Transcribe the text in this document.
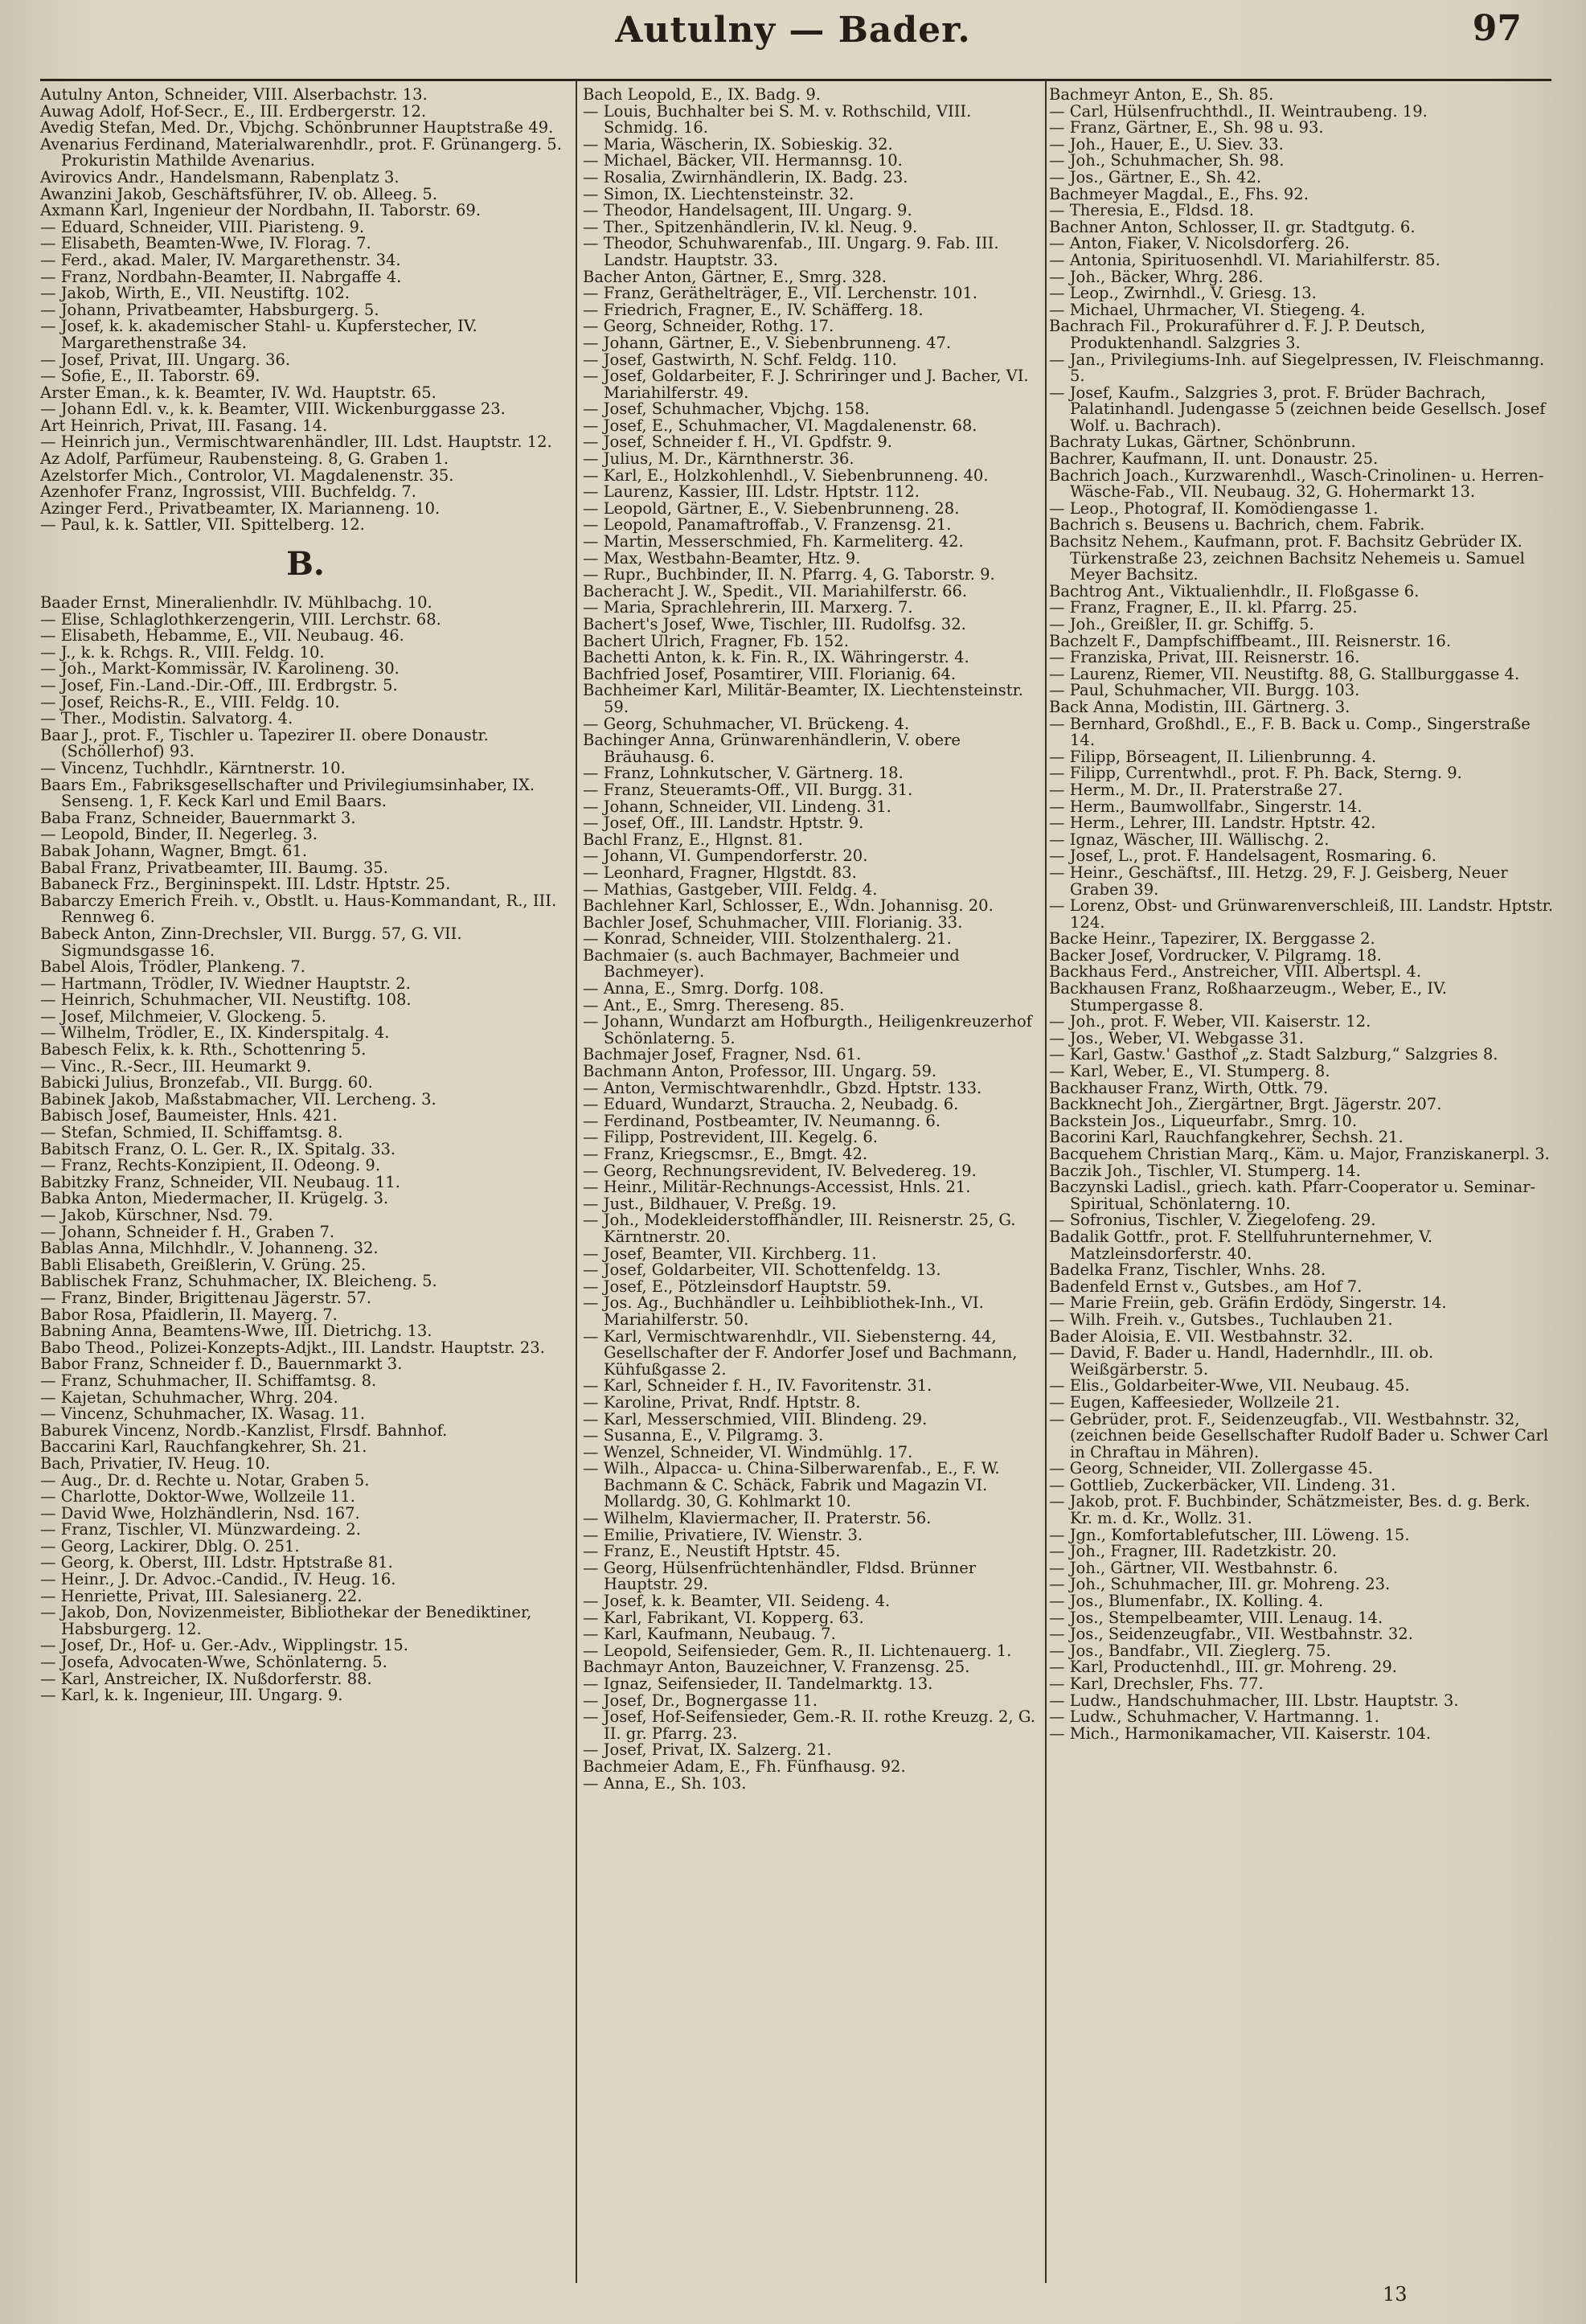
Autulny — Bader.	97
Autulny Anton, Schneider, VIII. Alserbachstr. 13.
Auwag Adolf, Hof-Secr., E., III. Erdbergerstr. 12.
Avedig Stefan, Med. Dr., Vbjchg. Schönbrunner Hauptstraße 49.
Avenarius Ferdinand, Materialwarenhdlr., prot. F. Grünangerg. 5. Prokuristin Mathilde Avenarius.
Avirovics Andr., Handelsmann, Rabenplatz 3.
Awanzini Jakob, Geschäftsführer, IV. ob. Alleeg. 5.
Axmann Karl, Ingenieur der Nordbahn, II. Taborstr. 69.
— Eduard, Schneider, VIII. Piaristeng. 9.
— Elisabeth, Beamten-Wwe, IV. Florag. 7.
— Ferd., akad. Maler, IV. Margarethenstr. 34.
— Franz, Nordbahn-Beamter, II. Nabrgaffe 4.
— Jakob, Wirth, E., VII. Neustiftg. 102.
— Johann, Privatbeamter, Habsburgerg. 5.
— Josef, k. k. akademischer Stahl- u. Kupferstecher, IV. Margarethenstraße 34.
— Josef, Privat, III. Ungarg. 36.
— Sofie, E., II. Taborstr. 69.
Arster Eman., k. k. Beamter, IV. Wd. Hauptstr. 65.
— Johann Edl. v., k. k. Beamter, VIII. Wickenburggasse 23.
Art Heinrich, Privat, III. Fasang. 14.
— Heinrich jun., Vermischtwarenhändler, III. Ldst. Hauptstr. 12.
Az Adolf, Parfümeur, Raubensteing. 8, G. Graben 1.
Azelstorfer Mich., Controlor, VI. Magdalenenstr. 35.
Azenhofer Franz, Ingrossist, VIII. Buchfeldg. 7.
Azinger Ferd., Privatbeamter, IX. Marianneng. 10.
— Paul, k. k. Sattler, VII. Spittelberg. 12.
B.
Baader Ernst, Mineralienhdlr. IV. Mühlbachg. 10.
— Elise, Schlaglothkerzengerin, VIII. Lerchstr. 68.
— Elisabeth, Hebamme, E., VII. Neubaug. 46.
— J., k. k. Rchgs. R., VIII. Feldg. 10.
— Joh., Markt-Kommissär, IV. Karolineng. 30.
— Josef, Fin.-Land.-Dir.-Off., III. Erdbrgstr. 5.
— Josef, Reichs-R., E., VIII. Feldg. 10.
— Ther., Modistin. Salvatorg. 4.
Baar J., prot. F., Tischler u. Tapezirer II. obere Donaustr. (Schöllerhof) 93.
— Vincenz, Tuchhdlr., Kärntnerstr. 10.
Baars Em., Fabriksgesellschafter und Privilegiumsinhaber, IX. Senseng. 1, F. Keck Karl und Emil Baars.
Baba Franz, Schneider, Bauernmarkt 3.
— Leopold, Binder, II. Negerleg. 3.
Babak Johann, Wagner, Bmgt. 61.
Babal Franz, Privatbeamter, III. Baumg. 35.
Babaneck Frz., Bergininspekt. III. Ldstr. Hptstr. 25.
Babarczy Emerich Freih. v., Obstlt. u. Haus-Kommandant, R., III. Rennweg 6.
Babeck Anton, Zinn-Drechsler, VII. Burgg. 57, G. VII. Sigmundsgasse 16.
Babel Alois, Trödler, Plankeng. 7.
— Hartmann, Trödler, IV. Wiedner Hauptstr. 2.
— Heinrich, Schuhmacher, VII. Neustiftg. 108.
— Josef, Milchmeier, V. Glockeng. 5.
— Wilhelm, Trödler, E., IX. Kinderspitalg. 4.
Babesch Felix, k. k. Rth., Schottenring 5.
— Vinc., R.-Secr., III. Heumarkt 9.
Babicki Julius, Bronzefab., VII. Burgg. 60.
Babinek Jakob, Maßstabmacher, VII. Lercheng. 3.
Babisch Josef, Baumeister, Hnls. 421.
— Stefan, Schmied, II. Schiffamtsg. 8.
Babitsch Franz, O. L. Ger. R., IX. Spitalg. 33.
— Franz, Rechts-Konzipient, II. Odeong. 9.
Babitzky Franz, Schneider, VII. Neubaug. 11.
Babka Anton, Miedermacher, II. Krügelg. 3.
— Jakob, Kürschner, Nsd. 79.
— Johann, Schneider f. H., Graben 7.
Bablas Anna, Milchhdlr., V. Johanneng. 32.
Babli Elisabeth, Greißlerin, V. Grüng. 25.
Bablischek Franz, Schuhmacher, IX. Bleicheng. 5.
— Franz, Binder, Brigittenau Jägerstr. 57.
Babor Rosa, Pfaidlerin, II. Mayerg. 7.
Babning Anna, Beamtens-Wwe, III. Dietrichg. 13.
Babo Theod., Polizei-Konzepts-Adjkt., III. Landstr. Hauptstr. 23.
Babor Franz, Schneider f. D., Bauernmarkt 3.
— Franz, Schuhmacher, II. Schiffamtsg. 8.
— Kajetan, Schuhmacher, Whrg. 204.
— Vincenz, Schuhmacher, IX. Wasag. 11.
Baburek Vincenz, Nordb.-Kanzlist, Flrsdf. Bahnhof.
Baccarini Karl, Rauchfangkehrer, Sh. 21.
Bach, Privatier, IV. Heug. 10.
— Aug., Dr. d. Rechte u. Notar, Graben 5.
— Charlotte, Doktor-Wwe, Wollzeile 11.
— David Wwe, Holzhändlerin, Nsd. 167.
— Franz, Tischler, VI. Münzwardeing. 2.
— Georg, Lackirer, Dblg. O. 251.
— Georg, k. Oberst, III. Ldstr. Hptstraße 81.
— Heinr., J. Dr. Advoc.-Candid., IV. Heug. 16.
— Henriette, Privat, III. Salesianerg. 22.
— Jakob, Don, Novizenmeister, Bibliothekar der Benediktiner, Habsburgerg. 12.
— Josef, Dr., Hof- u. Ger.-Adv., Wipplingstr. 15.
— Josefa, Advocaten-Wwe, Schönlaterng. 5.
— Karl, Anstreicher, IX. Nußdorferstr. 88.
— Karl, k. k. Ingenieur, III. Ungarg. 9.
Bach Leopold, E., IX. Badg. 9.
— Louis, Buchhalter bei S. M. v. Rothschild, VIII. Schmidg. 16.
— Maria, Wäscherin, IX. Sobieskig. 32.
— Michael, Bäcker, VII. Hermannsg. 10.
— Rosalia, Zwirnhändlerin, IX. Badg. 23.
— Simon, IX. Liechtensteinstr. 32.
— Theodor, Handelsagent, III. Ungarg. 9.
— Ther., Spitzenhändlerin, IV. kl. Neug. 9.
— Theodor, Schuhwarenfab., III. Ungarg. 9. Fab. III. Landstr. Hauptstr. 33.
Bacher Anton, Gärtner, E., Smrg. 328.
— Franz, Geräthelträger, E., VII. Lerchenstr. 101.
— Friedrich, Fragner, E., IV. Schäfferg. 18.
— Georg, Schneider, Rothg. 17.
— Johann, Gärtner, E., V. Siebenbrunneng. 47.
— Josef, Gastwirth, N. Schf. Feldg. 110.
— Josef, Goldarbeiter, F. J. Schriringer und J. Bacher, VI. Mariahilferstr. 49.
— Josef, Schuhmacher, Vbjchg. 158.
— Josef, E., Schuhmacher, VI. Magdalenenstr. 68.
— Josef, Schneider f. H., VI. Gpdfstr. 9.
— Julius, M. Dr., Kärnthnerstr. 36.
— Karl, E., Holzkohlenhdl., V. Siebenbrunneng. 40.
— Laurenz, Kassier, III. Ldstr. Hptstr. 112.
— Leopold, Gärtner, E., V. Siebenbrunneng. 28.
— Leopold, Panamaftroffab., V. Franzensg. 21.
— Martin, Messerschmied, Fh. Karmeliterg. 42.
— Max, Westbahn-Beamter, Htz. 9.
— Rupr., Buchbinder, II. N. Pfarrg. 4, G. Taborstr. 9.
Bacheracht J. W., Spedit., VII. Mariahilferstr. 66.
— Maria, Sprachlehrerin, III. Marxerg. 7.
Bachert's Josef, Wwe, Tischler, III. Rudolfsg. 32.
Bachert Ulrich, Fragner, Fb. 152.
Bachetti Anton, k. k. Fin. R., IX. Währingerstr. 4.
Bachfried Josef, Posamtirer, VIII. Florianig. 64.
Bachheimer Karl, Militär-Beamter, IX. Liechtensteinstr. 59.
— Georg, Schuhmacher, VI. Brückeng. 4.
Bachinger Anna, Grünwarenhändlerin, V. obere Bräuhausg. 6.
— Franz, Lohnkutscher, V. Gärtnerg. 18.
— Franz, Steueramts-Off., VII. Burgg. 31.
— Johann, Schneider, VII. Lindeng. 31.
— Josef, Off., III. Landstr. Hptstr. 9.
Bachl Franz, E., Hlgnst. 81.
— Johann, VI. Gumpendorferstr. 20.
— Leonhard, Fragner, Hlgstdt. 83.
— Mathias, Gastgeber, VIII. Feldg. 4.
Bachlehner Karl, Schlosser, E., Wdn. Johannisg. 20.
Bachler Josef, Schuhmacher, VIII. Florianig. 33.
— Konrad, Schneider, VIII. Stolzenthalerg. 21.
Bachmaier (s. auch Bachmayer, Bachmeier und Bachmeyer).
— Anna, E., Smrg. Dorfg. 108.
— Ant., E., Smrg. Thereseng. 85.
— Johann, Wundarzt am Hofburgth., Heiligenkreuzerhof Schönlaterng. 5.
Bachmajer Josef, Fragner, Nsd. 61.
Bachmann Anton, Professor, III. Ungarg. 59.
— Anton, Vermischtwarenhdlr., Gbzd. Hptstr. 133.
— Eduard, Wundarzt, Straucha. 2, Neubadg. 6.
— Ferdinand, Postbeamter, IV. Neumanng. 6.
— Filipp, Postrevident, III. Kegelg. 6.
— Franz, Kriegscmsr., E., Bmgt. 42.
— Georg, Rechnungsrevident, IV. Belvedereg. 19.
— Heinr., Militär-Rechnungs-Accessist, Hnls. 21.
— Just., Bildhauer, V. Preßg. 19.
— Joh., Modekleiderstoffhändler, III. Reisnerstr. 25, G. Kärntnerstr. 20.
— Josef, Beamter, VII. Kirchberg. 11.
— Josef, Goldarbeiter, VII. Schottenfeldg. 13.
— Josef, E., Pötzleinsdorf Hauptstr. 59.
— Jos. Ag., Buchhändler u. Leihbibliothek-Inh., VI. Mariahilferstr. 50.
— Karl, Vermischtwarenhdlr., VII. Siebensterng. 44, Gesellschafter der F. Andorfer Josef und Bachmann, Kühfußgasse 2.
— Karl, Schneider f. H., IV. Favoritenstr. 31.
— Karoline, Privat, Rndf. Hptstr. 8.
— Karl, Messerschmied, VIII. Blindeng. 29.
— Susanna, E., V. Pilgramg. 3.
— Wenzel, Schneider, VI. Windmühlg. 17.
— Wilh., Alpacca- u. China-Silberwarenfab., E., F. W. Bachmann & C. Schäck, Fabrik und Magazin VI. Mollardg. 30, G. Kohlmarkt 10.
— Wilhelm, Klaviermacher, II. Praterstr. 56.
— Emilie, Privatiere, IV. Wienstr. 3.
— Franz, E., Neustift Hptstr. 45.
— Georg, Hülsenfrüchtenhändler, Fldsd. Brünner Hauptstr. 29.
— Josef, k. k. Beamter, VII. Seideng. 4.
— Karl, Fabrikant, VI. Kopperg. 63.
— Karl, Kaufmann, Neubaug. 7.
— Leopold, Seifensieder, Gem. R., II. Lichtenauerg. 1.
Bachmayr Anton, Bauzeichner, V. Franzensg. 25.
— Ignaz, Seifensieder, II. Tandelmarktg. 13.
— Josef, Dr., Bognergasse 11.
— Josef, Hof-Seifensieder, Gem.-R. II. rothe Kreuzg. 2, G. II. gr. Pfarrg. 23.
— Josef, Privat, IX. Salzerg. 21.
Bachmeier Adam, E., Fh. Fünfhausg. 92.
— Anna, E., Sh. 103.
Bachmeyr Anton, E., Sh. 85.
— Carl, Hülsenfruchthdl., II. Weintraubeng. 19.
— Franz, Gärtner, E., Sh. 98 u. 93.
— Joh., Hauer, E., U. Siev. 33.
— Joh., Schuhmacher, Sh. 98.
— Jos., Gärtner, E., Sh. 42.
Bachmeyer Magdal., E., Fhs. 92.
— Theresia, E., Fldsd. 18.
Bachner Anton, Schlosser, II. gr. Stadtgutg. 6.
— Anton, Fiaker, V. Nicolsdorferg. 26.
— Antonia, Spirituosenhdl. VI. Mariahilferstr. 85.
— Joh., Bäcker, Whrg. 286.
— Leop., Zwirnhdl., V. Griesg. 13.
— Michael, Uhrmacher, VI. Stiegeng. 4.
Bachrach Fil., Prokuraführer d. F. J. P. Deutsch, Produktenhandl. Salzgries 3.
— Jan., Privilegiums-Inh. auf Siegelpressen, IV. Fleischmanng. 5.
— Josef, Kaufm., Salzgries 3, prot. F. Brüder Bachrach, Palatinhandl. Judengasse 5 (zeichnen beide Gesellsch. Josef Wolf. u. Bachrach).
Bachraty Lukas, Gärtner, Schönbrunn.
Bachrer, Kaufmann, II. unt. Donaustr. 25.
Bachrich Joach., Kurzwarenhdl., Wasch-Crinolinen- u. Herren-Wäsche-Fab., VII. Neubaug. 32, G. Hohermarkt 13.
— Leop., Photograf, II. Komödiengasse 1.
Bachrich s. Beusens u. Bachrich, chem. Fabrik.
Bachsitz Nehem., Kaufmann, prot. F. Bachsitz Gebrüder IX. Türkenstraße 23, zeichnen Bachsitz Nehemeis u. Samuel Meyer Bachsitz.
Bachtrog Ant., Viktualienhdlr., II. Floßgasse 6.
— Franz, Fragner, E., II. kl. Pfarrg. 25.
— Joh., Greißler, II. gr. Schiffg. 5.
Bachzelt F., Dampfschiffbeamt., III. Reisnerstr. 16.
— Franziska, Privat, III. Reisnerstr. 16.
— Laurenz, Riemer, VII. Neustiftg. 88, G. Stallburggasse 4.
— Paul, Schuhmacher, VII. Burgg. 103.
Back Anna, Modistin, III. Gärtnerg. 3.
— Bernhard, Großhdl., E., F. B. Back u. Comp., Singerstraße 14.
— Filipp, Börseagent, II. Lilienbrunng. 4.
— Filipp, Currentwhdl., prot. F. Ph. Back, Sterng. 9.
— Herm., M. Dr., II. Praterstraße 27.
— Herm., Baumwollfabr., Singerstr. 14.
— Herm., Lehrer, III. Landstr. Hptstr. 42.
— Ignaz, Wäscher, III. Wällischg. 2.
— Josef, L., prot. F. Handelsagent, Rosmaring. 6.
— Heinr., Geschäftsf., III. Hetzg. 29, F. J. Geisberg, Neuer Graben 39.
— Lorenz, Obst- und Grünwarenverschleiß, III. Landstr. Hptstr. 124.
Backe Heinr., Tapezirer, IX. Berggasse 2.
Backer Josef, Vordrucker, V. Pilgramg. 18.
Backhaus Ferd., Anstreicher, VIII. Albertspl. 4.
Backhausen Franz, Roßhaarzeugm., Weber, E., IV. Stumpergasse 8.
— Joh., prot. F. Weber, VII. Kaiserstr. 12.
— Jos., Weber, VI. Webgasse 31.
— Karl, Gastw.' Gasthof „z. Stadt Salzburg,“ Salzgries 8.
— Karl, Weber, E., VI. Stumperg. 8.
Backhauser Franz, Wirth, Ottk. 79.
Backknecht Joh., Ziergärtner, Brgt. Jägerstr. 207.
Backstein Jos., Liqueurfabr., Smrg. 10.
Bacorini Karl, Rauchfangkehrer, Sechsh. 21.
Bacquehem Christian Marq., Käm. u. Major, Franziskanerpl. 3.
Baczik Joh., Tischler, VI. Stumperg. 14.
Baczynski Ladisl., griech. kath. Pfarr-Cooperator u. Seminar-Spiritual, Schönlaterng. 10.
— Sofronius, Tischler, V. Ziegelofeng. 29.
Badalik Gottfr., prot. F. Stellfuhrunternehmer, V. Matzleinsdorferstr. 40.
Badelka Franz, Tischler, Wnhs. 28.
Badenfeld Ernst v., Gutsbes., am Hof 7.
— Marie Freiin, geb. Gräfin Erdödy, Singerstr. 14.
— Wilh. Freih. v., Gutsbes., Tuchlauben 21.
Bader Aloisia, E. VII. Westbahnstr. 32.
— David, F. Bader u. Handl, Hadernhdlr., III. ob. Weißgärberstr. 5.
— Elis., Goldarbeiter-Wwe, VII. Neubaug. 45.
— Eugen, Kaffeesieder, Wollzeile 21.
— Gebrüder, prot. F., Seidenzeugfab., VII. Westbahnstr. 32, (zeichnen beide Gesellschafter Rudolf Bader u. Schwer Carl in Chraftau in Mähren).
— Georg, Schneider, VII. Zollergasse 45.
— Gottlieb, Zuckerbäcker, VII. Lindeng. 31.
— Jakob, prot. F. Buchbinder, Schätzmeister, Bes. d. g. Berk. Kr. m. d. Kr., Wollz. 31.
— Jgn., Komfortablefutscher, III. Löweng. 15.
— Joh., Fragner, III. Radetzkistr. 20.
— Joh., Gärtner, VII. Westbahnstr. 6.
— Joh., Schuhmacher, III. gr. Mohreng. 23.
— Jos., Blumenfabr., IX. Kolling. 4.
— Jos., Stempelbeamter, VIII. Lenaug. 14.
— Jos., Seidenzeugfabr., VII. Westbahnstr. 32.
— Jos., Bandfabr., VII. Zieglerg. 75.
— Karl, Productenhdl., III. gr. Mohreng. 29.
— Karl, Drechsler, Fhs. 77.
— Ludw., Handschuhmacher, III. Lbstr. Hauptstr. 3.
— Ludw., Schuhmacher, V. Hartmanng. 1.
— Mich., Harmonikamacher, VII. Kaiserstr. 104.
13
